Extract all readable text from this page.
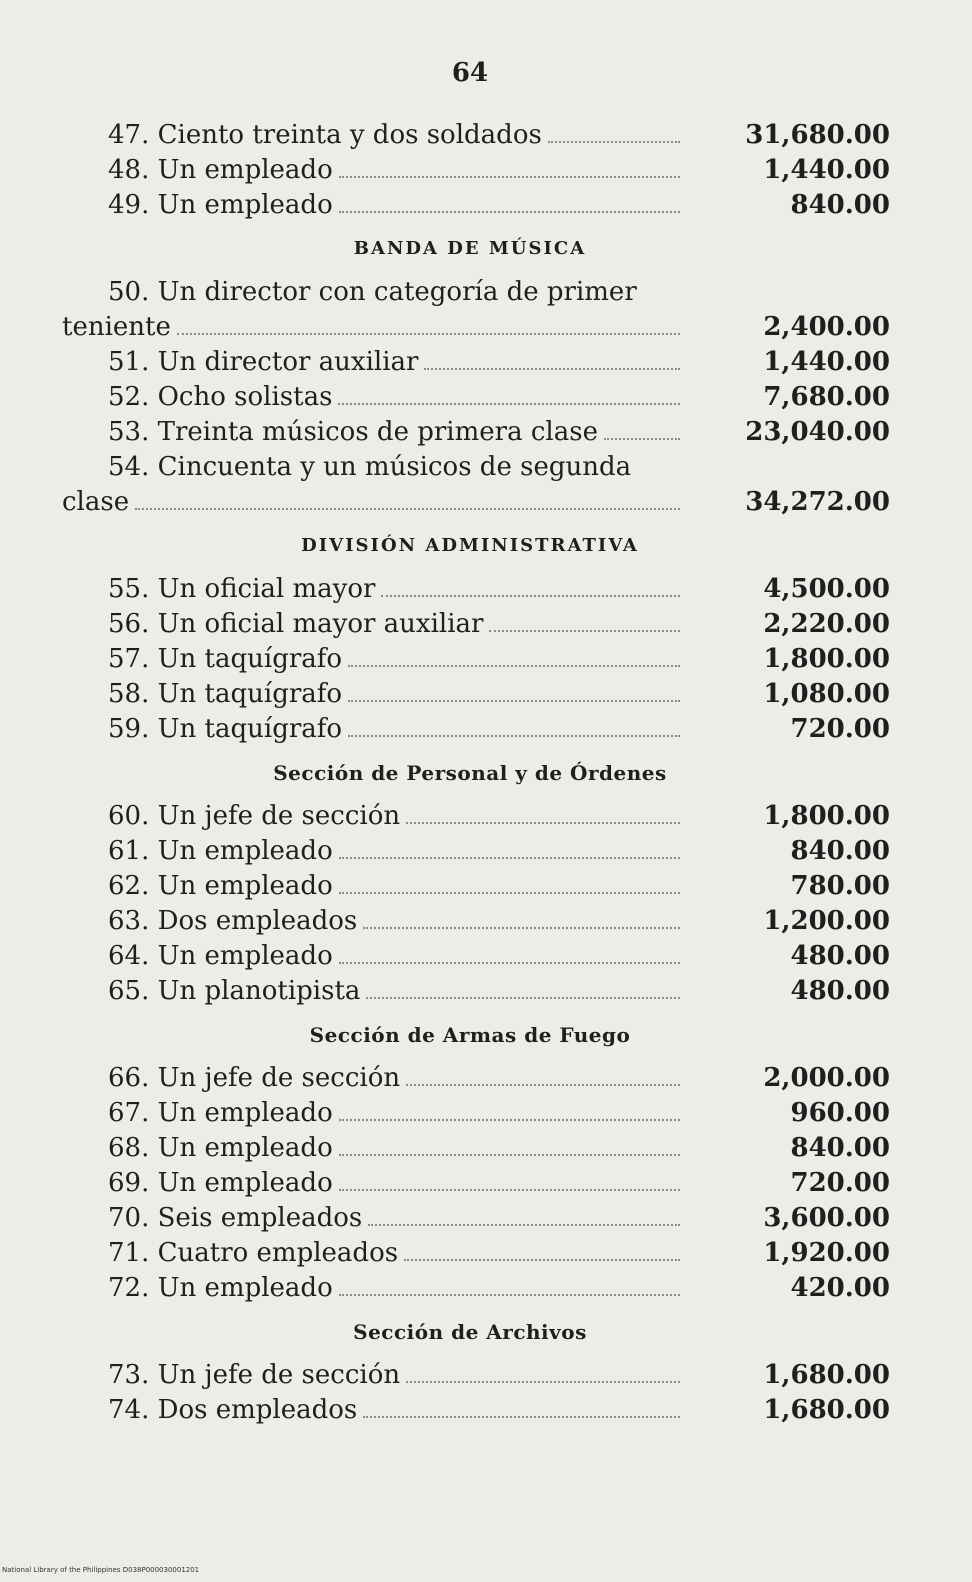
64
47. Ciento treinta y dos soldados	31,680.00
48. Un empleado	1,440.00
49. Un empleado	840.00
BANDA DE MÚSICA
50. Un director con categoría de primer
teniente	2,400.00
51. Un director auxiliar	1,440.00
52. Ocho solistas	7,680.00
53. Treinta músicos de primera clase	23,040.00
54. Cincuenta y un músicos de segunda
clase	34,272.00
DIVISIÓN ADMINISTRATIVA
55. Un oficial mayor	4,500.00
56. Un oficial mayor auxiliar	2,220.00
57. Un taquígrafo	1,800.00
58. Un taquígrafo	1,080.00
59. Un taquígrafo	720.00
Sección de Personal y de Órdenes
60. Un jefe de sección	1,800.00
61. Un empleado	840.00
62. Un empleado	780.00
63. Dos empleados	1,200.00
64. Un empleado	480.00
65. Un planotipista	480.00
Sección de Armas de Fuego
66. Un jefe de sección	2,000.00
67. Un empleado	960.00
68. Un empleado	840.00
69. Un empleado	720.00
70. Seis empleados	3,600.00
71. Cuatro empleados	1,920.00
72. Un empleado	420.00
Sección de Archivos
73. Un jefe de sección	1,680.00
74. Dos empleados	1,680.00
National Library of the Philippines D038P000030001201
